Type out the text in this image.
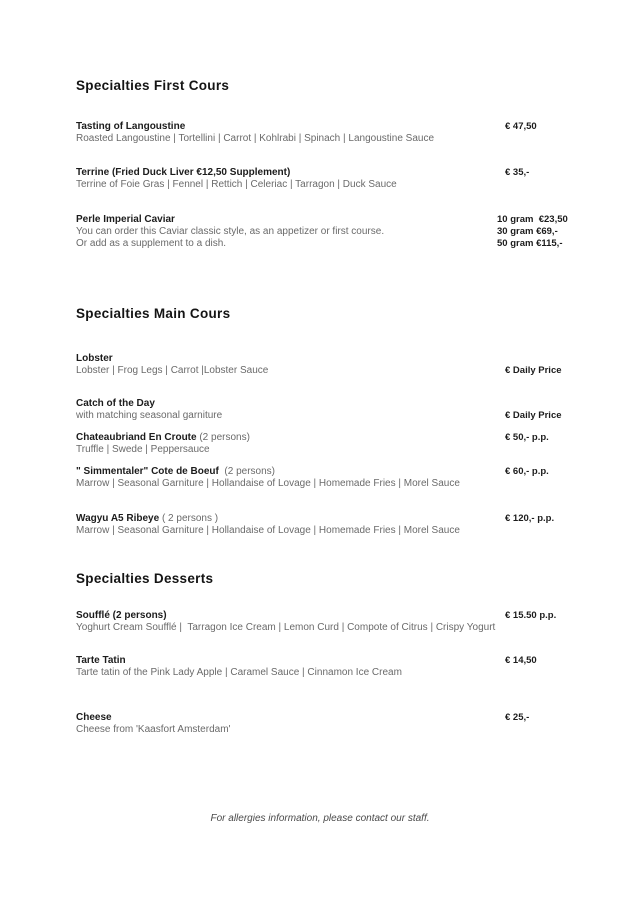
Specialties First Cours
Tasting of Langoustine
Roasted Langoustine | Tortellini | Carrot | Kohlrabi | Spinach | Langoustine Sauce
€ 47,50
Terrine (Fried Duck Liver €12,50 Supplement)
Terrine of Foie Gras | Fennel | Rettich | Celeriac | Tarragon | Duck Sauce
€ 35,-
Perle Imperial Caviar
You can order this Caviar classic style, as an appetizer or first course.
Or add as a supplement to a dish.
10 gram  €23,50
30 gram €69,-
50 gram €115,-
Specialties Main Cours
Lobster
Lobster | Frog Legs | Carrot |Lobster Sauce	€ Daily Price
Catch of the Day
with matching seasonal garniture	€ Daily Price
Chateaubriand En Croute (2 persons)
Truffle | Swede | Peppersauce
€ 50,- p.p.
" Simmentaler" Cote de Boeuf  (2 persons)
Marrow | Seasonal Garniture | Hollandaise of Lovage | Homemade Fries | Morel Sauce
€ 60,- p.p.
Wagyu A5 Ribeye ( 2 persons )
Marrow | Seasonal Garniture | Hollandaise of Lovage | Homemade Fries | Morel Sauce
€ 120,- p.p.
Specialties Desserts
Soufflé (2 persons)
Yoghurt Cream Soufflé |  Tarragon Ice Cream | Lemon Curd | Compote of Citrus | Crispy Yogurt
€ 15.50 p.p.
Tarte Tatin
Tarte tatin of the Pink Lady Apple | Caramel Sauce | Cinnamon Ice Cream
€ 14,50
Cheese
Cheese from 'Kaasfort Amsterdam'
€ 25,-
For allergies information, please contact our staff.
